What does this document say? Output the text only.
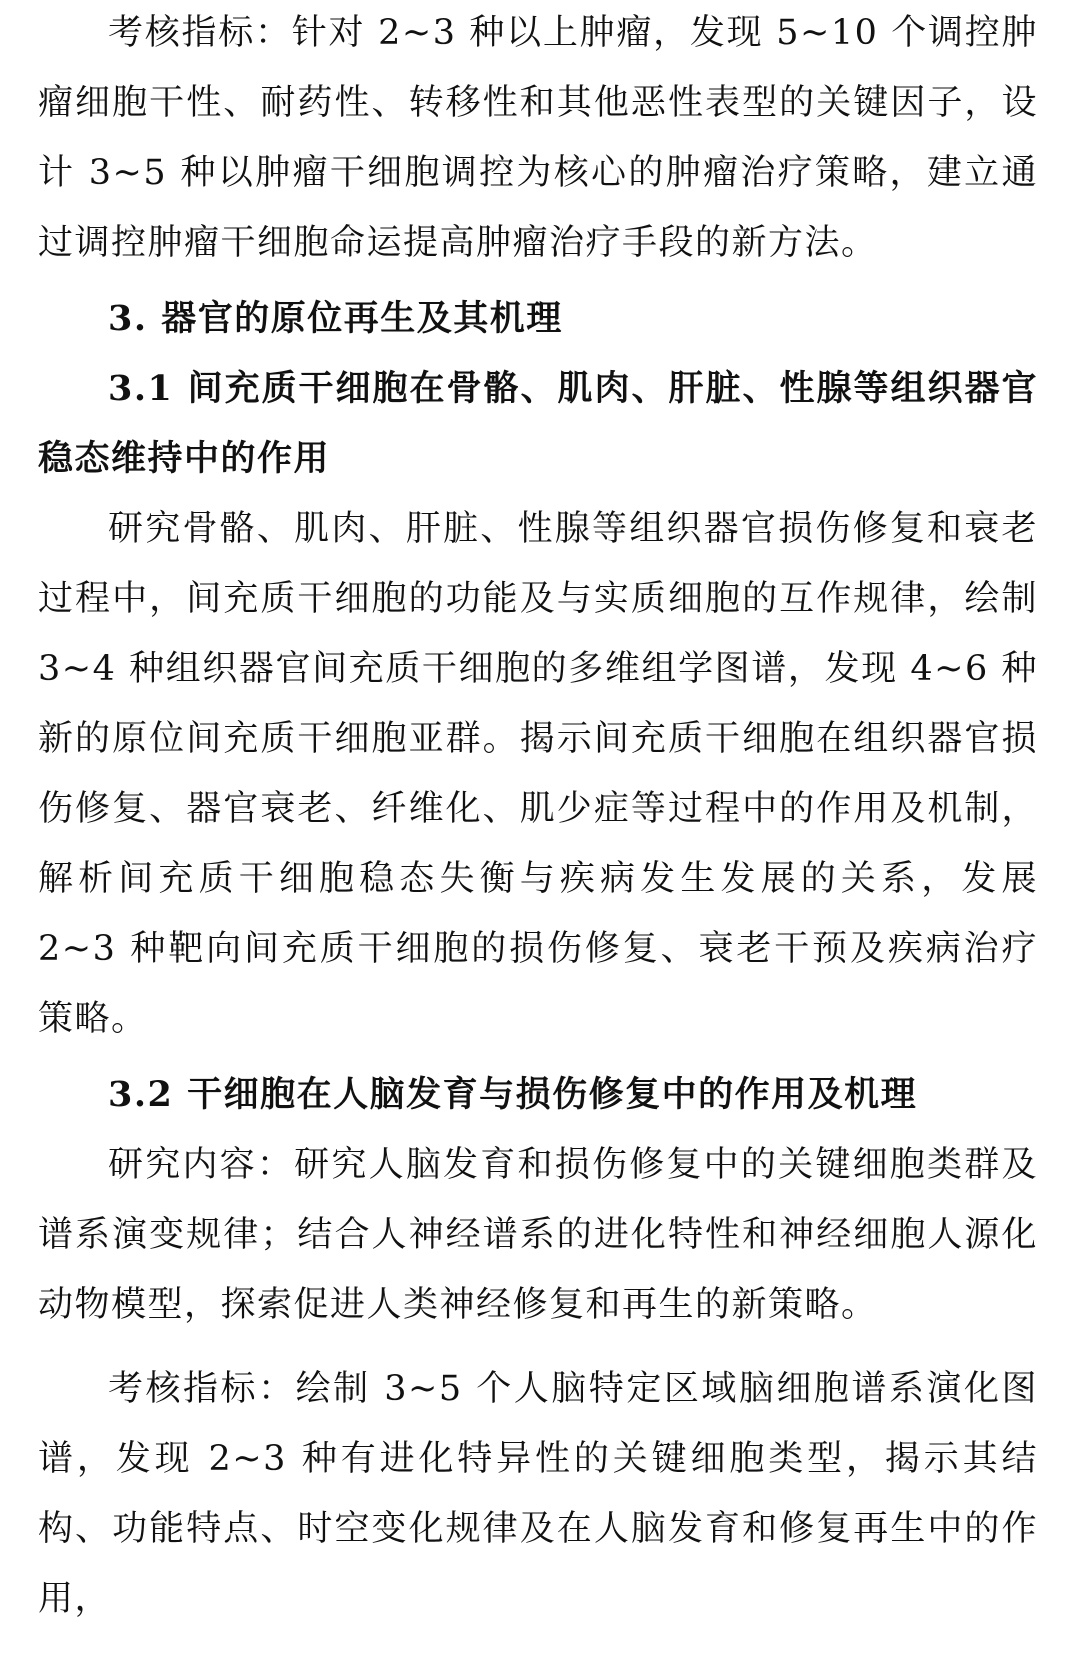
考核指标：针对 2~3 种以上肿瘤，发现 5~10 个调控肿瘤细胞干性、耐药性、转移性和其他恶性表型的关键因子，设计 3~5 种以肿瘤干细胞调控为核心的肿瘤治疗策略，建立通过调控肿瘤干细胞命运提高肿瘤治疗手段的新方法。

3. 器官的原位再生及其机理

3.1 间充质干细胞在骨骼、肌肉、肝脏、性腺等组织器官稳态维持中的作用

研究骨骼、肌肉、肝脏、性腺等组织器官损伤修复和衰老过程中，间充质干细胞的功能及与实质细胞的互作规律，绘制 3~4 种组织器官间充质干细胞的多维组学图谱，发现 4~6 种新的原位间充质干细胞亚群。揭示间充质干细胞在组织器官损伤修复、器官衰老、纤维化、肌少症等过程中的作用及机制，解析间充质干细胞稳态失衡与疾病发生发展的关系，发展 2~3 种靶向间充质干细胞的损伤修复、衰老干预及疾病治疗策略。

3.2 干细胞在人脑发育与损伤修复中的作用及机理

研究内容：研究人脑发育和损伤修复中的关键细胞类群及谱系演变规律；结合人神经谱系的进化特性和神经细胞人源化动物模型，探索促进人类神经修复和再生的新策略。

考核指标：绘制 3~5 个人脑特定区域脑细胞谱系演化图谱，发现 2~3 种有进化特异性的关键细胞类型，揭示其结构、功能特点、时空变化规律及在人脑发育和修复再生中的作用，
